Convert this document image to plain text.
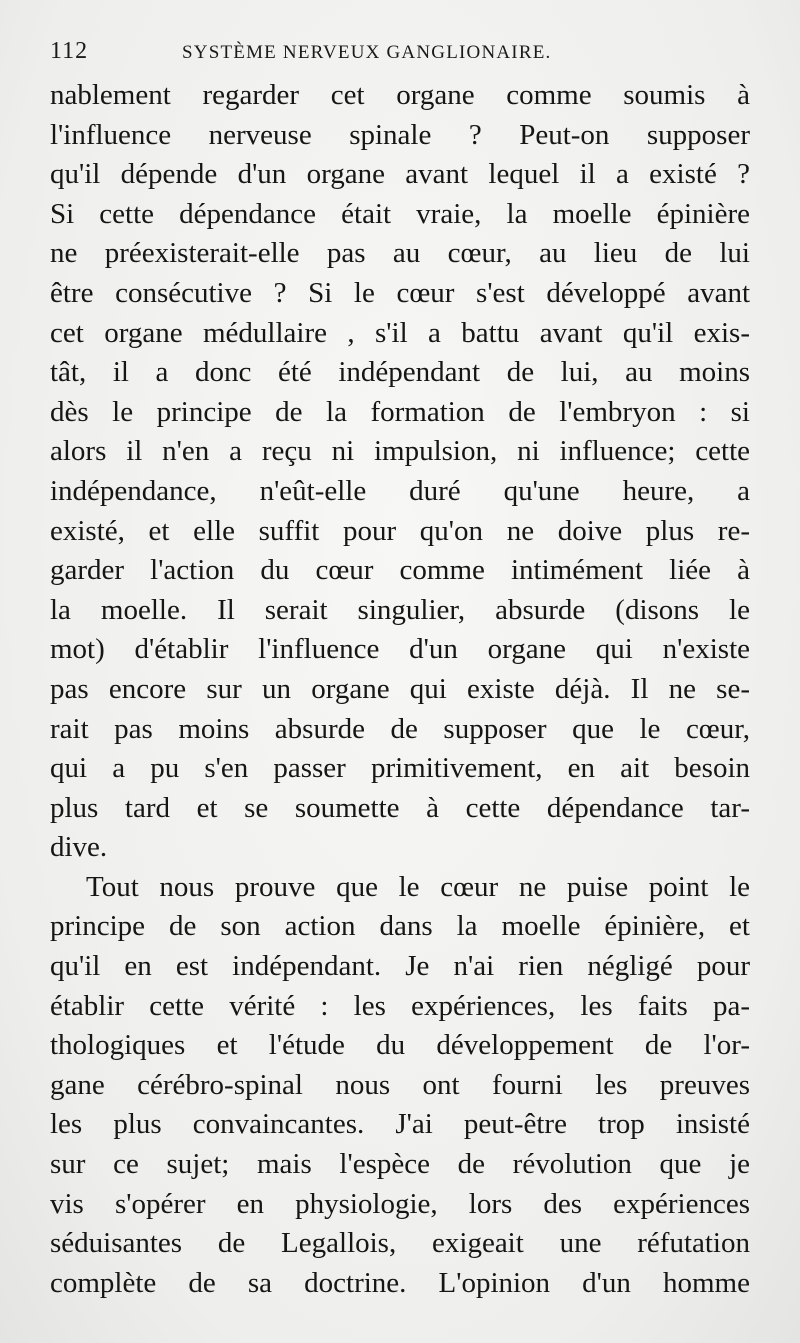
112	SYSTÈME NERVEUX GANGLIONAIRE.
nablement regarder cet organe comme soumis à
l'influence nerveuse spinale ? Peut-on supposer
qu'il dépende d'un organe avant lequel il a existé ?
Si cette dépendance était vraie, la moelle épinière
ne préexisterait-elle pas au cœur, au lieu de lui
être consécutive ? Si le cœur s'est développé avant
cet organe médullaire , s'il a battu avant qu'il exis-
tât, il a donc été indépendant de lui, au moins
dès le principe de la formation de l'embryon : si
alors il n'en a reçu ni impulsion, ni influence; cette
indépendance, n'eût-elle duré qu'une heure, a
existé, et elle suffit pour qu'on ne doive plus re-
garder l'action du cœur comme intimément liée à
la moelle. Il serait singulier, absurde (disons le
mot) d'établir l'influence d'un organe qui n'existe
pas encore sur un organe qui existe déjà. Il ne se-
rait pas moins absurde de supposer que le cœur,
qui a pu s'en passer primitivement, en ait besoin
plus tard et se soumette à cette dépendance tar-
dive.
Tout nous prouve que le cœur ne puise point le
principe de son action dans la moelle épinière, et
qu'il en est indépendant. Je n'ai rien négligé pour
établir cette vérité : les expériences, les faits pa-
thologiques et l'étude du développement de l'or-
gane cérébro-spinal nous ont fourni les preuves
les plus convaincantes. J'ai peut-être trop insisté
sur ce sujet; mais l'espèce de révolution que je
vis s'opérer en physiologie, lors des expériences
séduisantes de Legallois, exigeait une réfutation
complète de sa doctrine. L'opinion d'un homme
